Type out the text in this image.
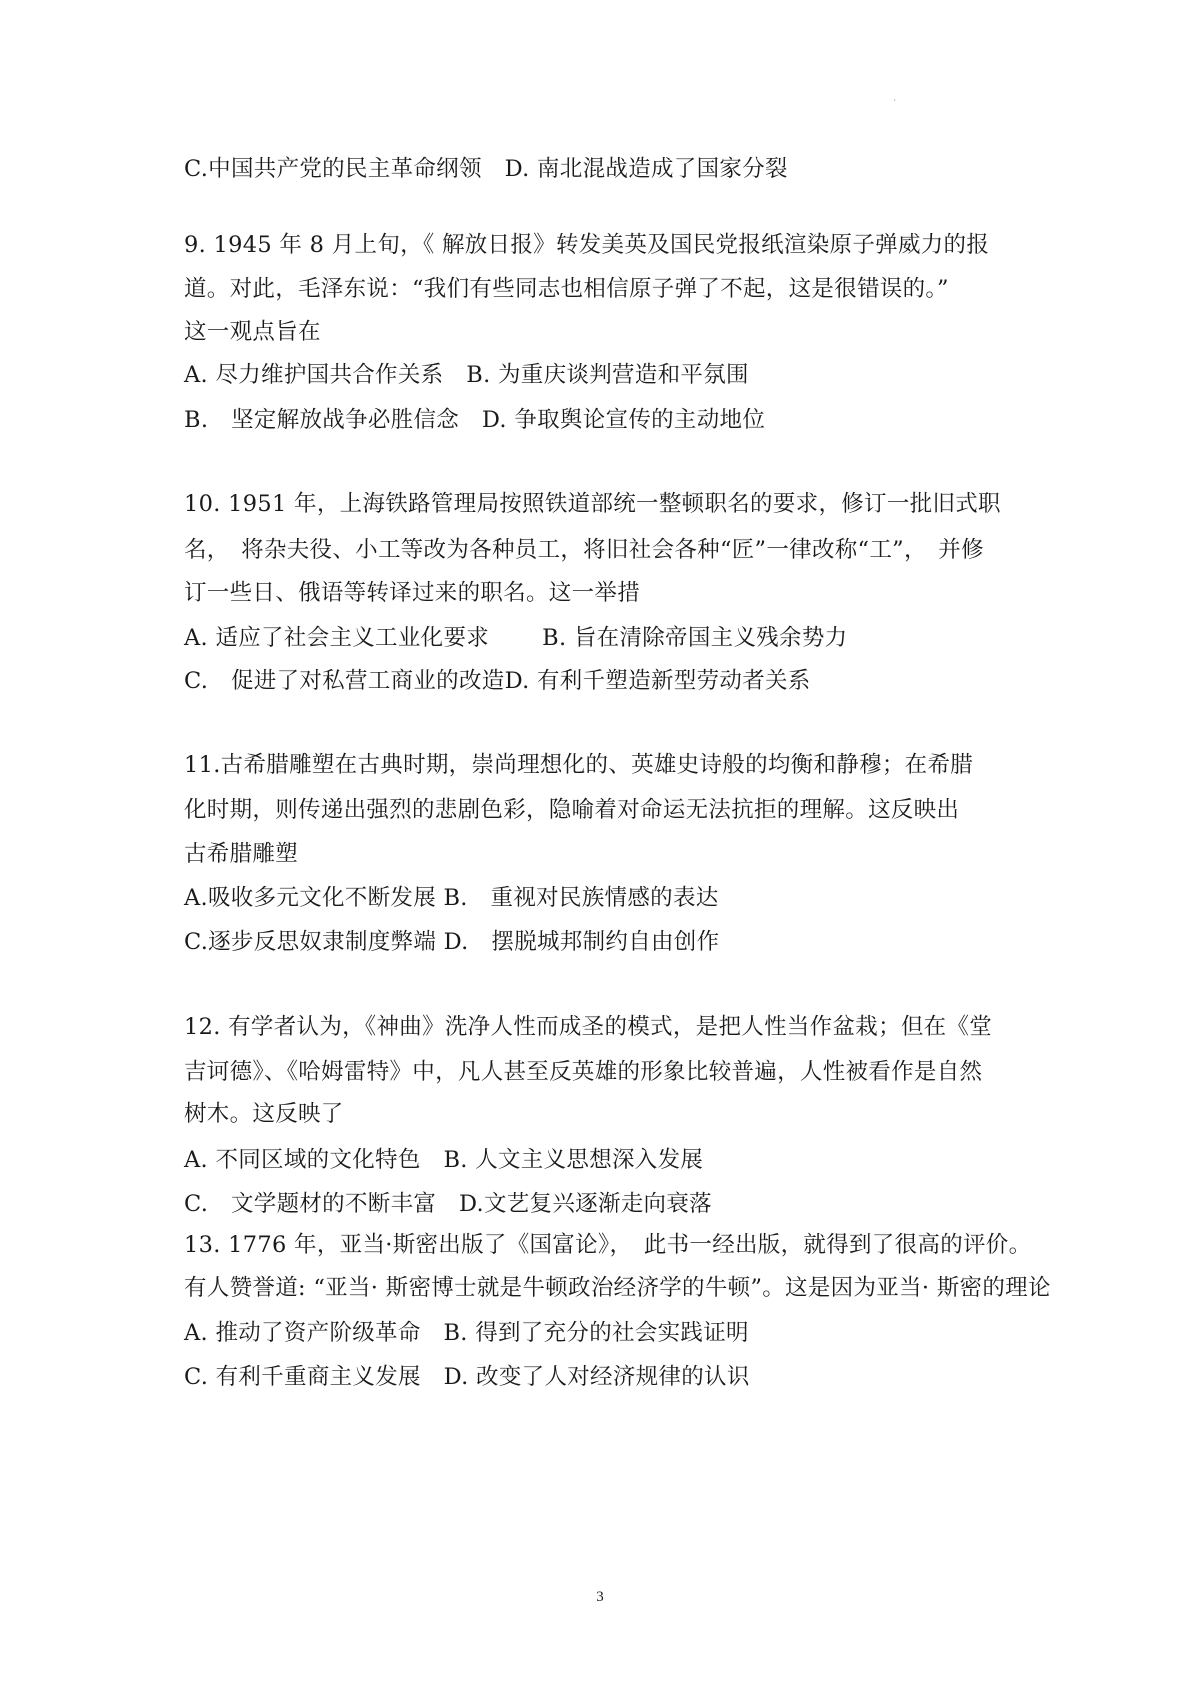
`
C.中国共产党的民主革命纲领　D. 南北混战造成了国家分裂
9. 1945 年 8 月上旬，《 解放日报》转发美英及国民党报纸渲染原子弹威力的报
道。对此，毛泽东说：“我们有些同志也相信原子弹了不起，这是很错误的。”
这一观点旨在
A. 尽力维护国共合作关系　B. 为重庆谈判营造和平氛围
B.　坚定解放战争必胜信念　D. 争取舆论宣传的主动地位
10. 1951 年，上海铁路管理局按照铁道部统一整顿职名的要求，修订一批旧式职
名，　将杂夫役、小工等改为各种员工，将旧社会各种“匠”一律改称“工”，　并修
订一些日、俄语等转译过来的职名。这一举措
A. 适应了社会主义工业化要求　　 B. 旨在清除帝国主义残余势力
C.　促进了对私营工商业的改造D. 有利千塑造新型劳动者关系
11.古希腊雕塑在古典时期，崇尚理想化的、英雄史诗般的均衡和静穆；在希腊
化时期，则传递出强烈的悲剧色彩，隐喻着对命运无法抗拒的理解。这反映出
古希腊雕塑
A.吸收多元文化不断发展 B.　重视对民族情感的表达
C.逐步反思奴隶制度弊端 D.　摆脱城邦制约自由创作
12. 有学者认为，《神曲》洗净人性而成圣的模式，是把人性当作盆栽；但在《堂
吉诃德》、《哈姆雷特》中，凡人甚至反英雄的形象比较普遍，人性被看作是自然
树木。这反映了
A. 不同区域的文化特色　B. 人文主义思想深入发展
C.　文学题材的不断丰富　D.文艺复兴逐渐走向衰落
13. 1776 年，亚当·斯密出版了《国富论》，　此书一经出版，就得到了很高的评价。
有人赞誉道: “亚当· 斯密博士就是牛顿政治经济学的牛顿”。这是因为亚当· 斯密的理论
A. 推动了资产阶级革命　B. 得到了充分的社会实践证明
C. 有利千重商主义发展　D. 改变了人对经济规律的认识
3
